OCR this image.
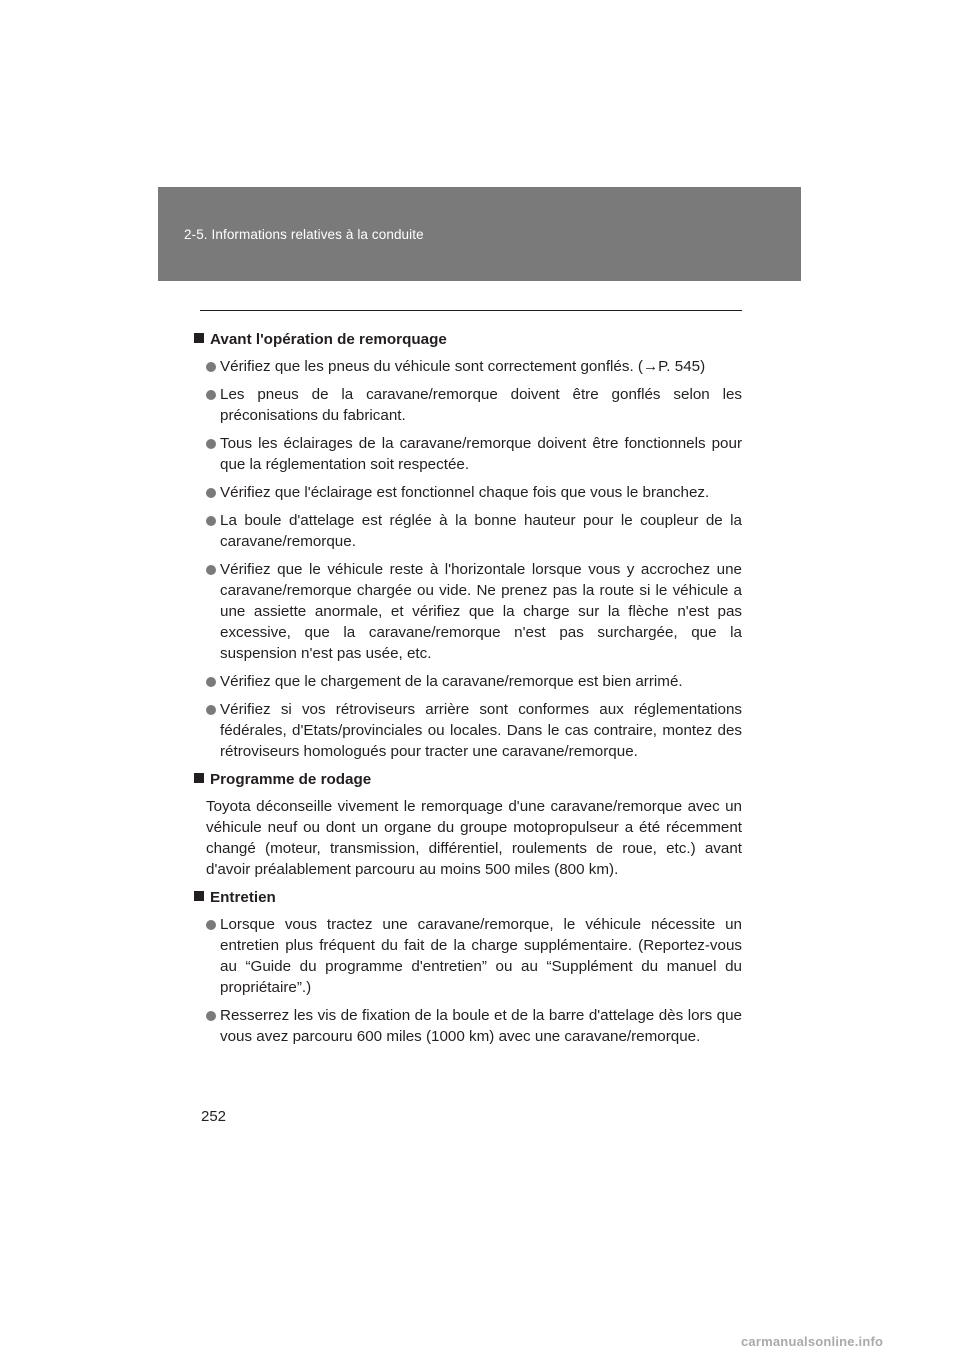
2-5. Informations relatives à la conduite
Avant l'opération de remorquage
Vérifiez que les pneus du véhicule sont correctement gonflés. (→P. 545)
Les pneus de la caravane/remorque doivent être gonflés selon les préconisations du fabricant.
Tous les éclairages de la caravane/remorque doivent être fonctionnels pour que la réglementation soit respectée.
Vérifiez que l'éclairage est fonctionnel chaque fois que vous le branchez.
La boule d'attelage est réglée à la bonne hauteur pour le coupleur de la caravane/remorque.
Vérifiez que le véhicule reste à l'horizontale lorsque vous y accrochez une caravane/remorque chargée ou vide. Ne prenez pas la route si le véhicule a une assiette anormale, et vérifiez que la charge sur la flèche n'est pas excessive, que la caravane/remorque n'est pas surchargée, que la suspension n'est pas usée, etc.
Vérifiez que le chargement de la caravane/remorque est bien arrimé.
Vérifiez si vos rétroviseurs arrière sont conformes aux réglementations fédérales, d'Etats/provinciales ou locales. Dans le cas contraire, montez des rétroviseurs homologués pour tracter une caravane/remorque.
Programme de rodage
Toyota déconseille vivement le remorquage d'une caravane/remorque avec un véhicule neuf ou dont un organe du groupe motopropulseur a été récemment changé (moteur, transmission, différentiel, roulements de roue, etc.) avant d'avoir préalablement parcouru au moins 500 miles (800 km).
Entretien
Lorsque vous tractez une caravane/remorque, le véhicule nécessite un entretien plus fréquent du fait de la charge supplémentaire. (Reportez-vous au “Guide du programme d'entretien” ou au “Supplément du manuel du propriétaire”.)
Resserrez les vis de fixation de la boule et de la barre d'attelage dès lors que vous avez parcouru 600 miles (1000 km) avec une caravane/remorque.
252
carmanualsonline.info
